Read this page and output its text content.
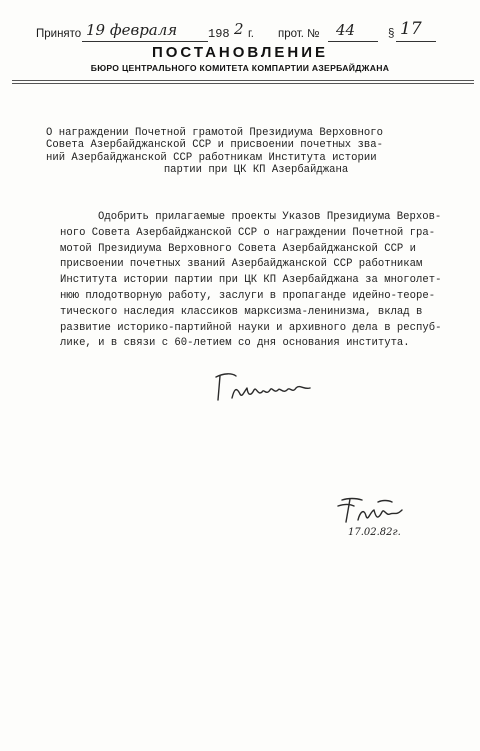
Принято 19 февраля	198 2 г. прот. № 44	§ 17
ПОСТАНОВЛЕНИЕ
БЮРО ЦЕНТРАЛЬНОГО КОМИТЕТА КОМПАРТИИ АЗЕРБАЙДЖАНА
О награждении Почетной грамотой Президиума Верховного
Совета Азербайджанской ССР и присвоении почетных зва-
ний Азербайджанской ССР работникам Института истории
партии при ЦК КП Азербайджана
Одобрить прилагаемые проекты Указов Президиума Верхов-
ного Совета Азербайджанской ССР о награждении Почетной гра-
мотой Президиума Верховного Совета Азербайджанской ССР и
присвоении почетных званий Азербайджанской ССР работникам
Института истории партии при ЦК КП Азербайджана за многолет-
нюю плодотворную работу, заслуги в пропаганде идейно-теоре-
тического наследия классиков марксизма-ленинизма, вклад в
развитие историко-партийной науки и архивного дела в респуб-
лике, и в связи с 60-летием со дня основания института.
17.02.82г.
